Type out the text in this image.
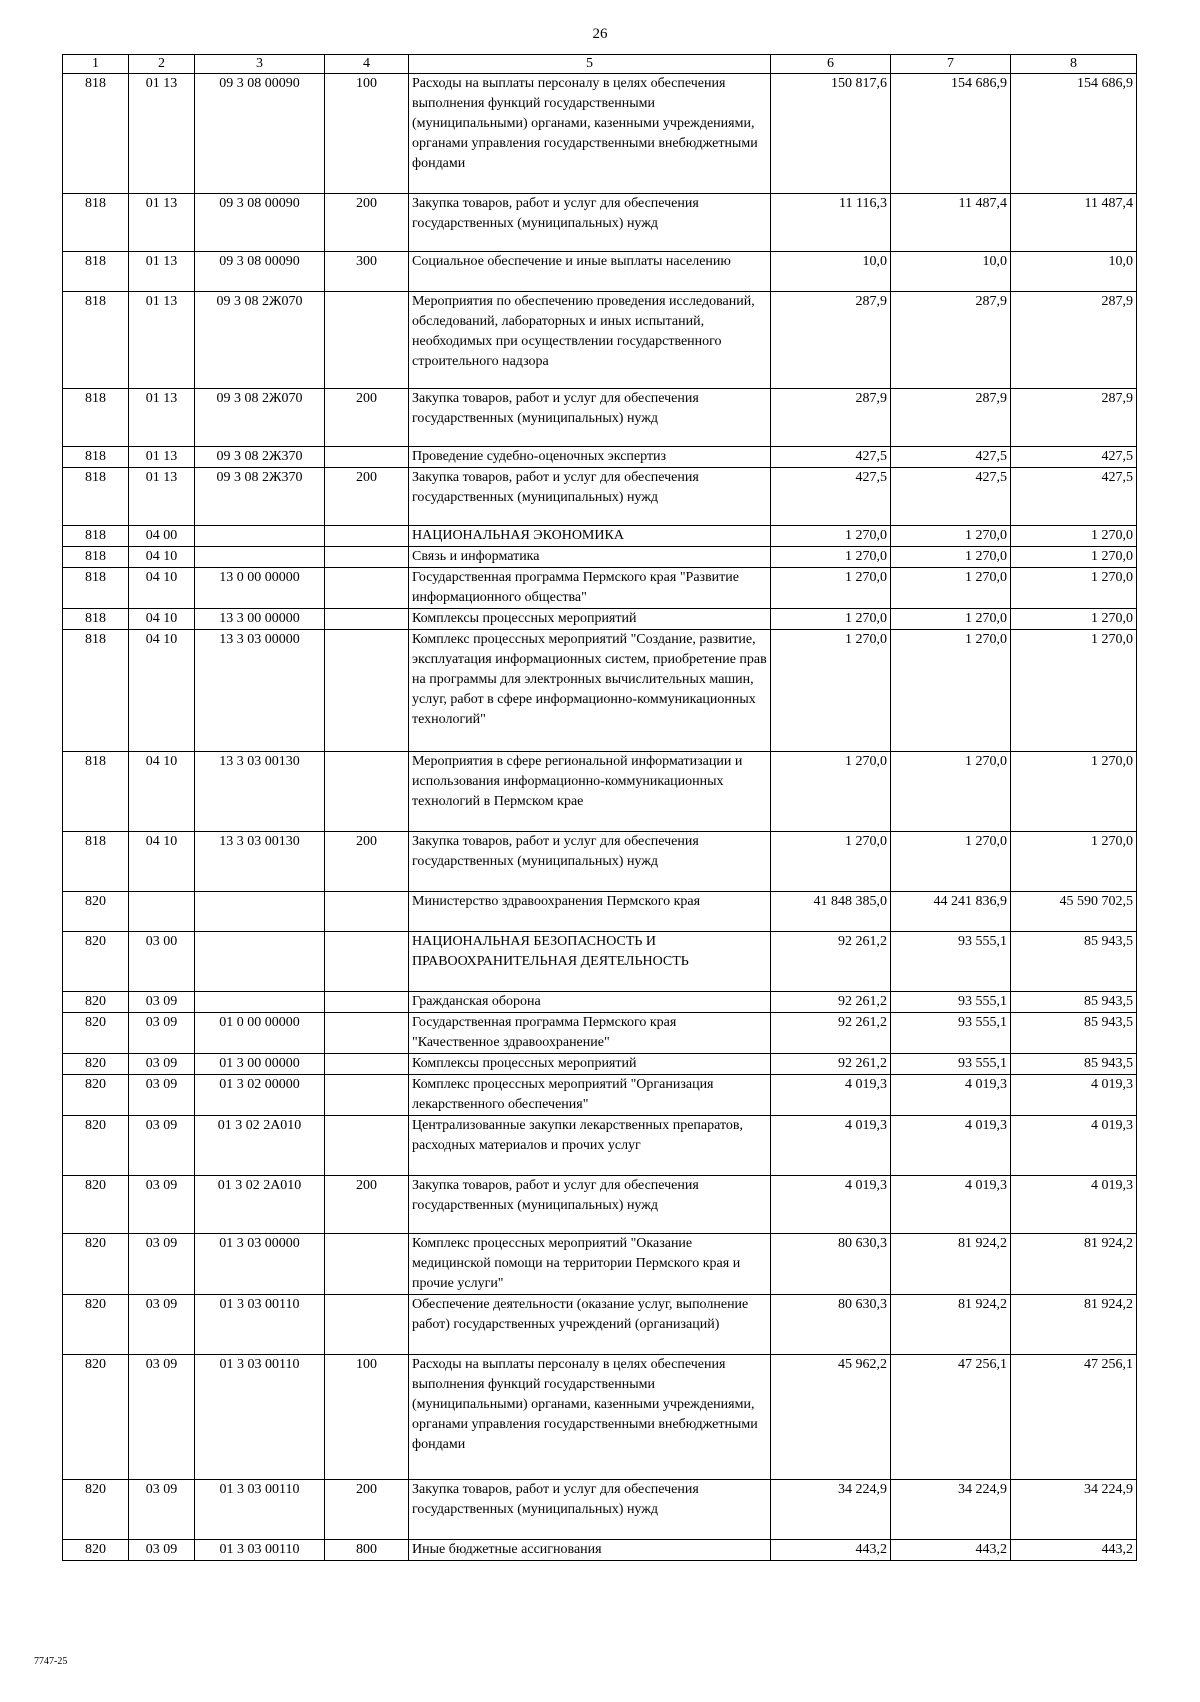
26
1	2	3	4	5	6	7	8
818	01 13	09 3 08 00090	100	Расходы на выплаты персоналу в целях обеспечения выполнения функций государственными (муниципальными) органами, казенными учреждениями, органами управления государственными внебюджетными фондами	150 817,6	154 686,9	154 686,9
818	01 13	09 3 08 00090	200	Закупка товаров, работ и услуг для обеспечения государственных (муниципальных) нужд	11 116,3	11 487,4	11 487,4
818	01 13	09 3 08 00090	300	Социальное обеспечение и иные выплаты населению	10,0	10,0	10,0
818	01 13	09 3 08 2Ж070		Мероприятия по обеспечению проведения исследований, обследований, лабораторных и иных испытаний, необходимых при осуществлении государственного строительного надзора	287,9	287,9	287,9
818	01 13	09 3 08 2Ж070	200	Закупка товаров, работ и услуг для обеспечения государственных (муниципальных) нужд	287,9	287,9	287,9
818	01 13	09 3 08 2Ж370		Проведение судебно-оценочных экспертиз	427,5	427,5	427,5
818	01 13	09 3 08 2Ж370	200	Закупка товаров, работ и услуг для обеспечения государственных (муниципальных) нужд	427,5	427,5	427,5
818	04 00			НАЦИОНАЛЬНАЯ ЭКОНОМИКА	1 270,0	1 270,0	1 270,0
818	04 10			Связь и информатика	1 270,0	1 270,0	1 270,0
818	04 10	13 0 00 00000		Государственная программа Пермского края "Развитие информационного общества"	1 270,0	1 270,0	1 270,0
818	04 10	13 3 00 00000		Комплексы процессных мероприятий	1 270,0	1 270,0	1 270,0
818	04 10	13 3 03 00000		Комплекс процессных мероприятий "Создание, развитие, эксплуатация информационных систем, приобретение прав на программы для электронных вычислительных машин, услуг, работ в сфере информационно-коммуникационных технологий"	1 270,0	1 270,0	1 270,0
818	04 10	13 3 03 00130		Мероприятия в сфере региональной информатизации и использования информационно-коммуникационных технологий в Пермском крае	1 270,0	1 270,0	1 270,0
818	04 10	13 3 03 00130	200	Закупка товаров, работ и услуг для обеспечения государственных (муниципальных) нужд	1 270,0	1 270,0	1 270,0
820				Министерство здравоохранения Пермского края	41 848 385,0	44 241 836,9	45 590 702,5
820	03 00			НАЦИОНАЛЬНАЯ БЕЗОПАСНОСТЬ И ПРАВООХРАНИТЕЛЬНАЯ ДЕЯТЕЛЬНОСТЬ	92 261,2	93 555,1	85 943,5
820	03 09			Гражданская оборона	92 261,2	93 555,1	85 943,5
820	03 09	01 0 00 00000		Государственная программа Пермского края "Качественное здравоохранение"	92 261,2	93 555,1	85 943,5
820	03 09	01 3 00 00000		Комплексы процессных мероприятий	92 261,2	93 555,1	85 943,5
820	03 09	01 3 02 00000		Комплекс процессных мероприятий "Организация лекарственного обеспечения"	4 019,3	4 019,3	4 019,3
820	03 09	01 3 02 2А010		Централизованные закупки лекарственных препаратов, расходных материалов и прочих услуг	4 019,3	4 019,3	4 019,3
820	03 09	01 3 02 2А010	200	Закупка товаров, работ и услуг для обеспечения государственных (муниципальных) нужд	4 019,3	4 019,3	4 019,3
820	03 09	01 3 03 00000		Комплекс процессных мероприятий "Оказание медицинской помощи на территории Пермского края и прочие услуги"	80 630,3	81 924,2	81 924,2
820	03 09	01 3 03 00110		Обеспечение деятельности (оказание услуг, выполнение работ) государственных учреждений (организаций)	80 630,3	81 924,2	81 924,2
820	03 09	01 3 03 00110	100	Расходы на выплаты персоналу в целях обеспечения выполнения функций государственными (муниципальными) органами, казенными учреждениями, органами управления государственными внебюджетными фондами	45 962,2	47 256,1	47 256,1
820	03 09	01 3 03 00110	200	Закупка товаров, работ и услуг для обеспечения государственных (муниципальных) нужд	34 224,9	34 224,9	34 224,9
820	03 09	01 3 03 00110	800	Иные бюджетные ассигнования	443,2	443,2	443,2
7747-25
